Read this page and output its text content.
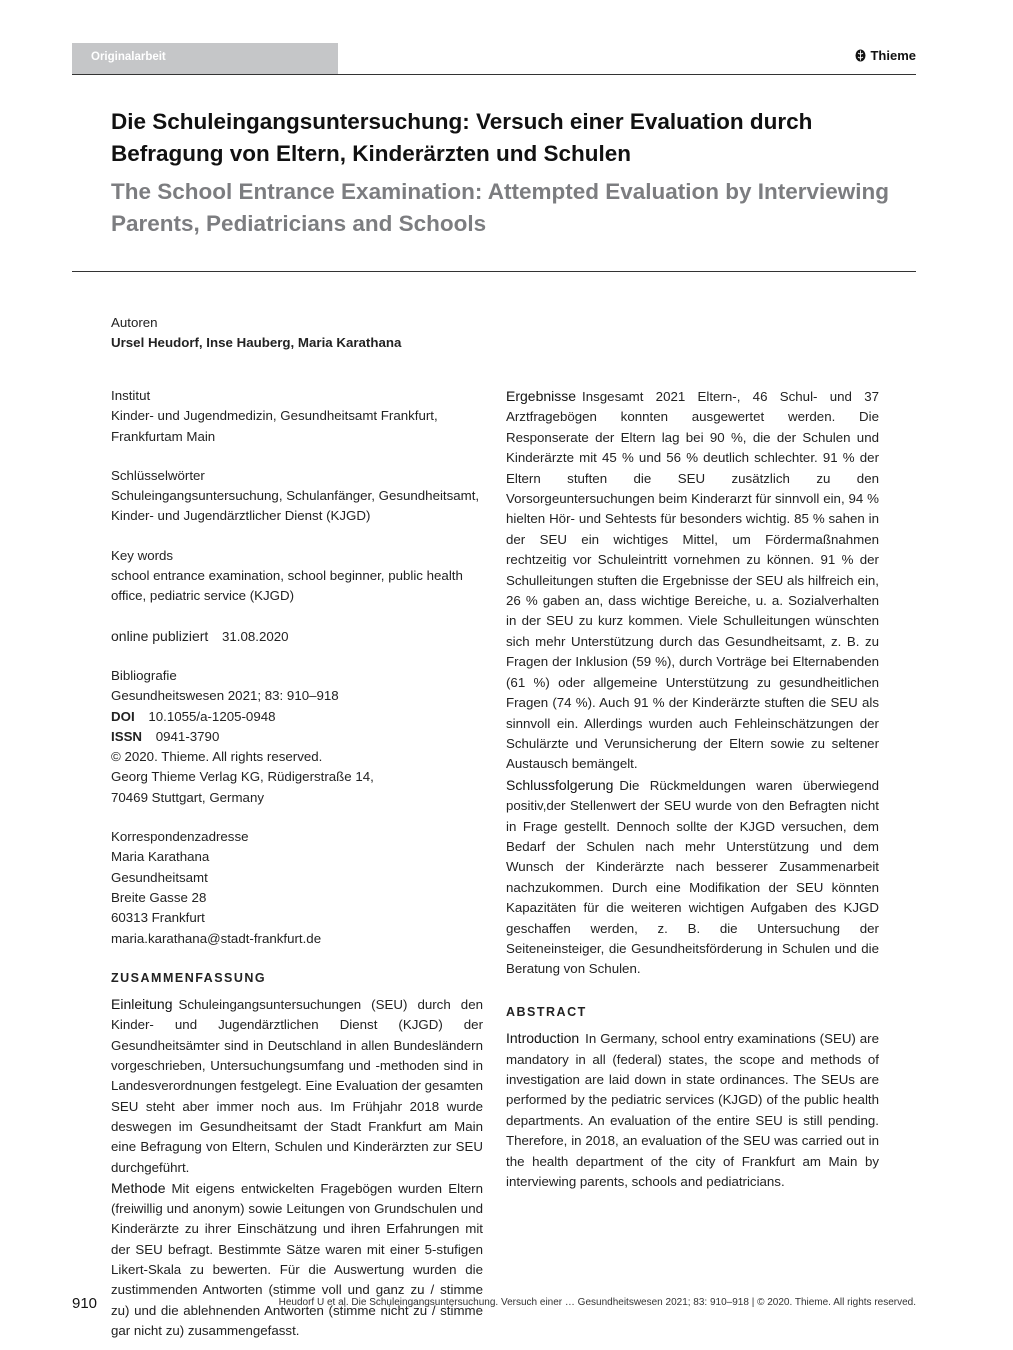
Originalarbeit	Thieme
Die Schuleingangsuntersuchung: Versuch einer Evaluation durch Befragung von Eltern, Kinderärzten und Schulen
The School Entrance Examination: Attempted Evaluation by Interviewing Parents, Pediatricians and Schools
Autoren
Ursel Heudorf, Inse Hauberg, Maria Karathana
Institut
Kinder- und Jugendmedizin, Gesundheitsamt Frankfurt,
Frankfurtam Main
Schlüsselwörter
Schuleingangsuntersuchung, Schulanfänger, Gesundheitsamt,
Kinder- und Jugendärztlicher Dienst (KJGD)
Key words
school entrance examination, school beginner, public health
office, pediatric service (KJGD)
online publiziert 31.08.2020
Bibliografie
Gesundheitswesen 2021; 83: 910–918
DOI 10.1055/a-1205-0948
ISSN 0941-3790
© 2020. Thieme. All rights reserved.
Georg Thieme Verlag KG, Rüdigerstraße 14,
70469 Stuttgart, Germany
Korrespondenzadresse
Maria Karathana
Gesundheitsamt
Breite Gasse 28
60313 Frankfurt
maria.karathana@stadt-frankfurt.de
ZUSAMMENFASSUNG
Einleitung Schuleingangsuntersuchungen (SEU) durch den Kinder- und Jugendärztlichen Dienst (KJGD) der Gesundheitsämter sind in Deutschland in allen Bundesländern vorgeschrieben, Untersuchungsumfang und -methoden sind in Landesverordnungen festgelegt. Eine Evaluation der gesamten SEU steht aber immer noch aus. Im Frühjahr 2018 wurde deswegen im Gesundheitsamt der Stadt Frankfurt am Main eine Befragung von Eltern, Schulen und Kinderärzten zur SEU durchgeführt.
Methode Mit eigens entwickelten Fragebögen wurden Eltern (freiwillig und anonym) sowie Leitungen von Grundschulen und Kinderärzte zu ihrer Einschätzung und ihren Erfahrungen mit der SEU befragt. Bestimmte Sätze waren mit einer 5-stufigen Likert-Skala zu bewerten. Für die Auswertung wurden die zustimmenden Antworten (stimme voll und ganz zu / stimme zu) und die ablehnenden Antworten (stimme nicht zu / stimme gar nicht zu) zusammengefasst.
Ergebnisse Insgesamt 2021 Eltern-, 46 Schul- und 37 Arztfragebögen konnten ausgewertet werden. Die Responserate der Eltern lag bei 90 %, die der Schulen und Kinderärzte mit 45 % und 56 % deutlich schlechter. 91 % der Eltern stuften die SEU zusätzlich zu den Vorsorgeuntersuchungen beim Kinderarzt für sinnvoll ein, 94 % hielten Hör- und Sehtests für besonders wichtig. 85 % sahen in der SEU ein wichtiges Mittel, um Fördermaßnahmen rechtzeitig vor Schuleintritt vornehmen zu können. 91 % der Schulleitungen stuften die Ergebnisse der SEU als hilfreich ein, 26 % gaben an, dass wichtige Bereiche, u. a. Sozialverhalten in der SEU zu kurz kommen. Viele Schulleitungen wünschten sich mehr Unterstützung durch das Gesundheitsamt, z. B. zu Fragen der Inklusion (59 %), durch Vorträge bei Elternabenden (61 %) oder allgemeine Unterstützung zu gesundheitlichen Fragen (74 %). Auch 91 % der Kinderärzte stuften die SEU als sinnvoll ein. Allerdings wurden auch Fehleinschätzungen der Schulärzte und Verunsicherung der Eltern sowie zu seltener Austausch bemängelt.
Schlussfolgerung Die Rückmeldungen waren überwiegend positiv,der Stellenwert der SEU wurde von den Befragten nicht in Frage gestellt. Dennoch sollte der KJGD versuchen, dem Bedarf der Schulen nach mehr Unterstützung und dem Wunsch der Kinderärzte nach besserer Zusammenarbeit nachzukommen. Durch eine Modifikation der SEU könnten Kapazitäten für die weiteren wichtigen Aufgaben des KJGD geschaffen werden, z. B. die Untersuchung der Seiteneinsteiger, die Gesundheitsförderung in Schulen und die Beratung von Schulen.
ABSTRACT
Introduction In Germany, school entry examinations (SEU) are mandatory in all (federal) states, the scope and methods of investigation are laid down in state ordinances. The SEUs are performed by the pediatric services (KJGD) of the public health departments. An evaluation of the entire SEU is still pending. Therefore, in 2018, an evaluation of the SEU was carried out in the health department of the city of Frankfurt am Main by interviewing parents, schools and pediatricians.
910	Heudorf U et al. Die Schuleingangsuntersuchung. Versuch einer … Gesundheitswesen 2021; 83: 910–918 | © 2020. Thieme. All rights reserved.
